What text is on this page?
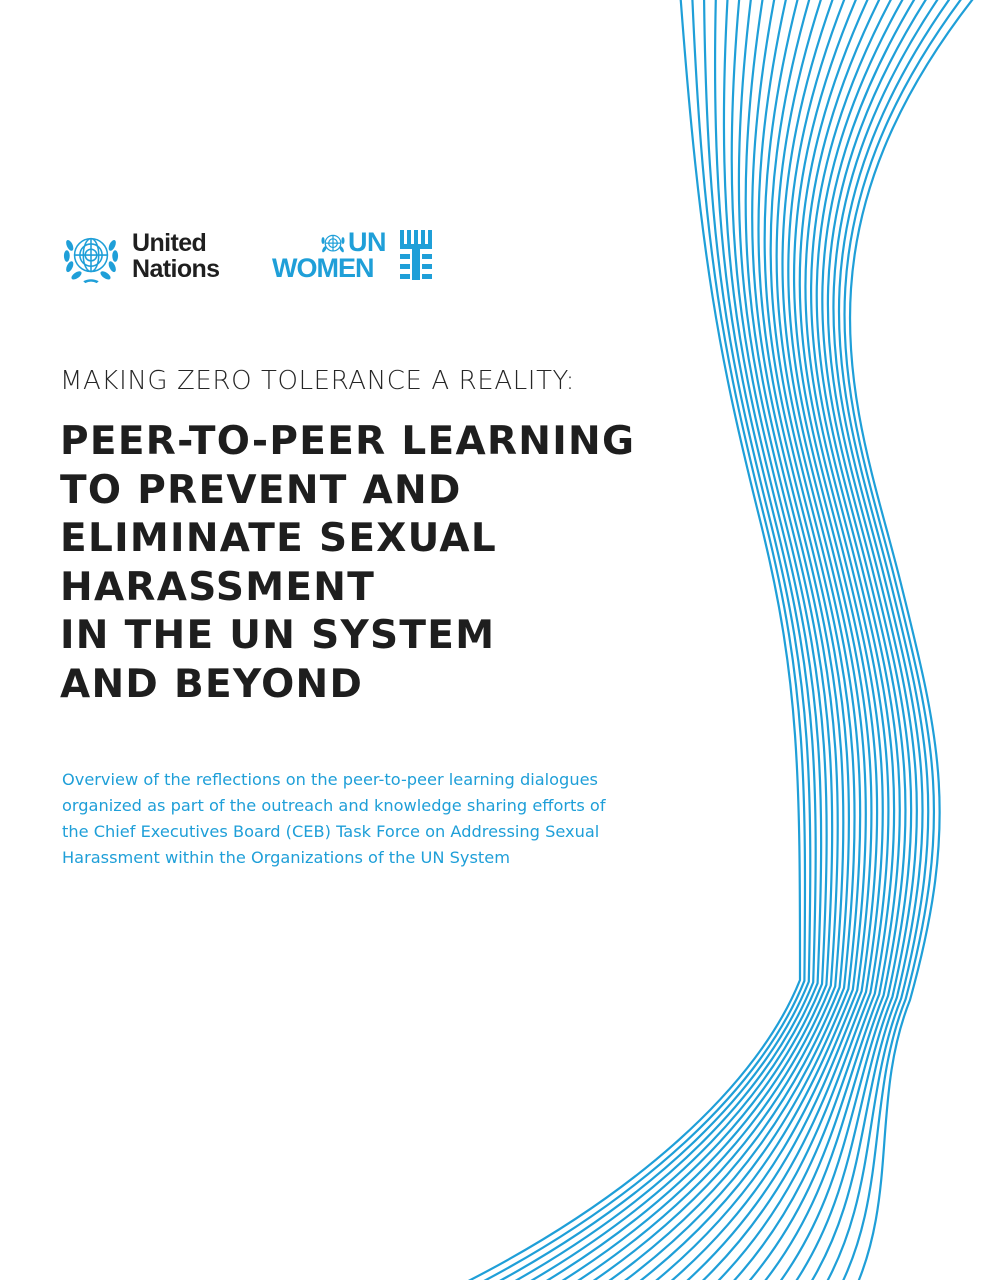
United
Nations
UN
WOMEN
MAKING ZERO TOLERANCE A REALITY:
PEER-TO-PEER LEARNING
TO PREVENT AND
ELIMINATE SEXUAL
HARASSMENT
IN THE UN SYSTEM
AND BEYOND

Overview of the reflections on the peer-to-peer learning dialogues
organized as part of the outreach and knowledge sharing efforts of
the Chief Executives Board (CEB) Task Force on Addressing Sexual
Harassment within the Organizations of the UN System
